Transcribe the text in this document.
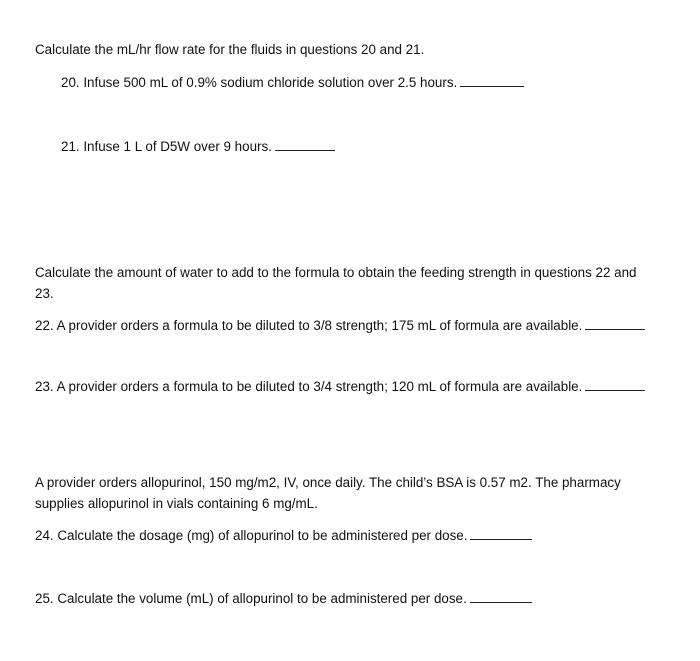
Calculate the mL/hr flow rate for the fluids in questions 20 and 21.
20. Infuse 500 mL of 0.9% sodium chloride solution over 2.5 hours.
21. Infuse 1 L of D5W over 9 hours.
Calculate the amount of water to add to the formula to obtain the feeding strength in questions 22 and
23.
22. A provider orders a formula to be diluted to 3/8 strength; 175 mL of formula are available.
23. A provider orders a formula to be diluted to 3/4 strength; 120 mL of formula are available.
A provider orders allopurinol, 150 mg/m2, IV, once daily. The child’s BSA is 0.57 m2. The pharmacy
supplies allopurinol in vials containing 6 mg/mL.
24. Calculate the dosage (mg) of allopurinol to be administered per dose.
25. Calculate the volume (mL) of allopurinol to be administered per dose.
